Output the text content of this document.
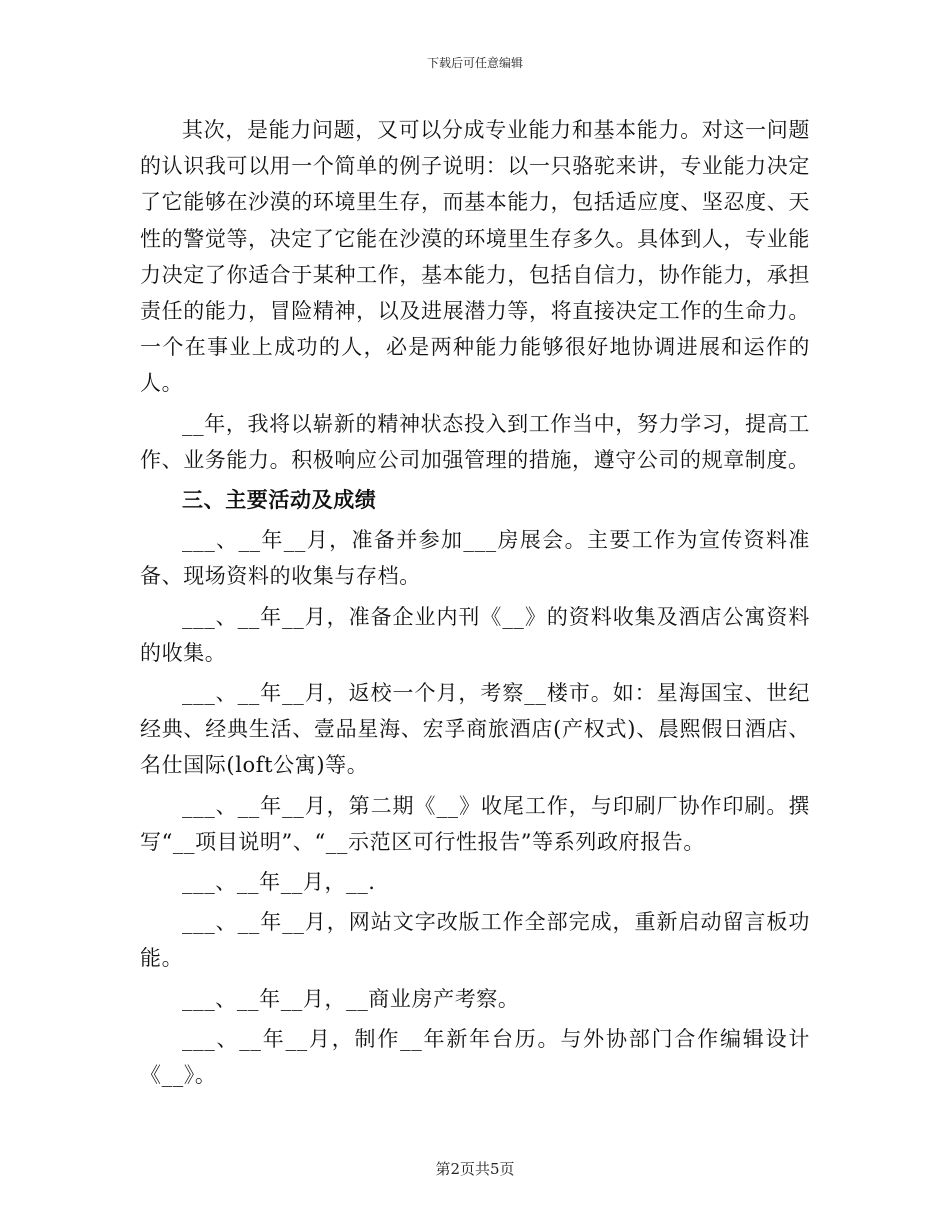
下载后可任意编辑

其次，是能力问题，又可以分成专业能力和基本能力。对这一问题的认识我可以用一个简单的例子说明：以一只骆驼来讲，专业能力决定了它能够在沙漠的环境里生存，而基本能力，包括适应度、坚忍度、天性的警觉等，决定了它能在沙漠的环境里生存多久。具体到人，专业能力决定了你适合于某种工作，基本能力，包括自信力，协作能力，承担责任的能力，冒险精神，以及进展潜力等，将直接决定工作的生命力。一个在事业上成功的人，必是两种能力能够很好地协调进展和运作的人。

__年，我将以崭新的精神状态投入到工作当中，努力学习，提高工作、业务能力。积极响应公司加强管理的措施，遵守公司的规章制度。

三、主要活动及成绩

___、__年__月，准备并参加___房展会。主要工作为宣传资料准备、现场资料的收集与存档。

___、__年__月，准备企业内刊《__》的资料收集及酒店公寓资料的收集。

___、__年__月，返校一个月，考察__楼市。如：星海国宝、世纪经典、经典生活、壹品星海、宏孚商旅酒店(产权式)、晨熙假日酒店、名仕国际(loft公寓)等。

___、__年__月，第二期《__》收尾工作，与印刷厂协作印刷。撰写“__项目说明”、“__示范区可行性报告”等系列政府报告。

___、__年__月，__.

___、__年__月，网站文字改版工作全部完成，重新启动留言板功能。

___、__年__月，__商业房产考察。

___、__年__月，制作__年新年台历。与外协部门合作编辑设计《__》。

第2页共5页
